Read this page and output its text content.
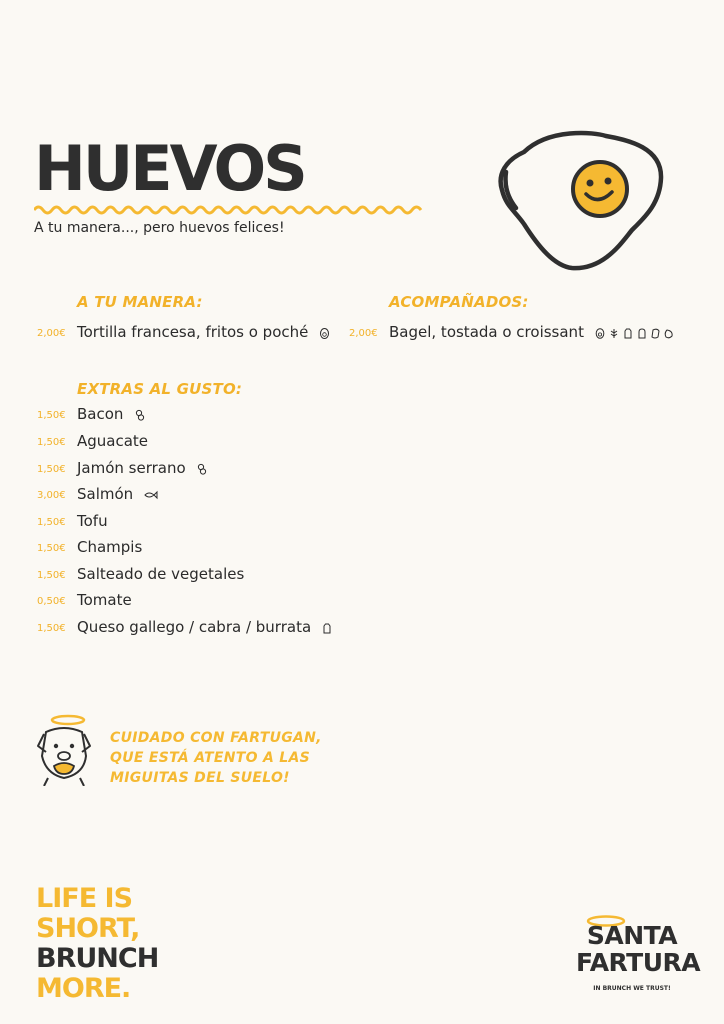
HUEVOS
A tu manera..., pero huevos felices!
A TU MANERA:
2,00€ Tortilla francesa, fritos o poché
ACOMPAÑADOS:
2,00€ Bagel, tostada o croissant
EXTRAS AL GUSTO:
1,50€ Bacon
1,50€ Aguacate
1,50€ Jamón serrano
3,00€ Salmón
1,50€ Tofu
1,50€ Champis
1,50€ Salteado de vegetales
0,50€ Tomate
1,50€ Queso gallego / cabra / burrata
CUIDADO CON FARTUGAN,
QUE ESTÁ ATENTO A LAS
MIGUITAS DEL SUELO!
LIFE IS
SHORT,
BRUNCH
MORE.
SANTA
FARTURA
IN BRUNCH WE TRUST!
